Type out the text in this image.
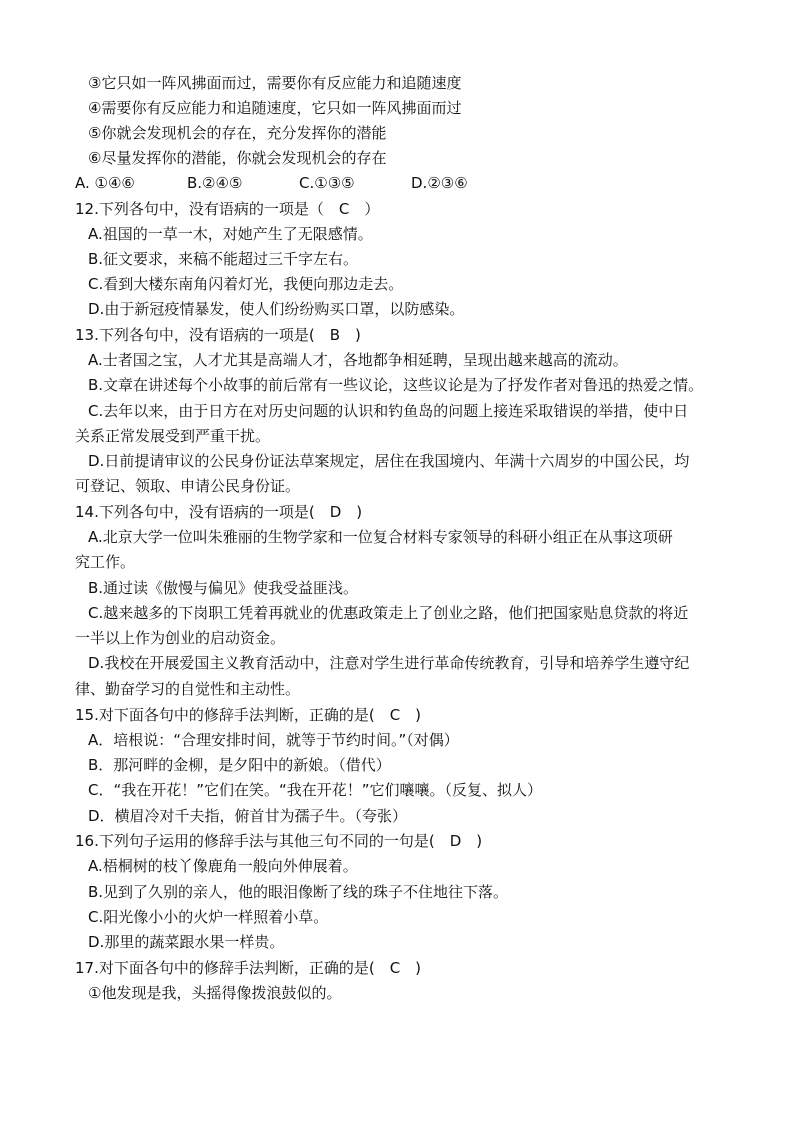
③它只如一阵风拂面而过，需要你有反应能力和追随速度
④需要你有反应能力和追随速度，它只如一阵风拂面而过
⑤你就会发现机会的存在，充分发挥你的潜能
⑥尽量发挥你的潜能，你就会发现机会的存在
A. ①④⑥	B.②④⑤	C.①③⑤	D.②③⑥
12.下列各句中，没有语病的一项是（　C　）
A.祖国的一草一木，对她产生了无限感情。
B.征文要求，来稿不能超过三千字左右。
C.看到大楼东南角闪着灯光，我便向那边走去。
D.由于新冠疫情暴发，使人们纷纷购买口罩，以防感染。
13.下列各句中，没有语病的一项是(　B　)
A.士者国之宝，人才尤其是高端人才，各地都争相延聘，呈现出越来越高的流动。
B.文章在讲述每个小故事的前后常有一些议论，这些议论是为了抒发作者对鲁迅的热爱之情。
C.去年以来，由于日方在对历史问题的认识和钓鱼岛的问题上接连采取错误的举措，使中日
关系正常发展受到严重干扰。
D.日前提请审议的公民身份证法草案规定，居住在我国境内、年满十六周岁的中国公民，均
可登记、领取、申请公民身份证。
14.下列各句中，没有语病的一项是(　D　)
A.北京大学一位叫朱雅丽的生物学家和一位复合材料专家领导的科研小组正在从事这项研
究工作。
B.通过读《傲慢与偏见》使我受益匪浅。
C.越来越多的下岗职工凭着再就业的优惠政策走上了创业之路，他们把国家贴息贷款的将近
一半以上作为创业的启动资金。
D.我校在开展爱国主义教育活动中，注意对学生进行革命传统教育，引导和培养学生遵守纪
律、勤奋学习的自觉性和主动性。
15.对下面各句中的修辞手法判断，正确的是(　C　)
A．培根说：“合理安排时间，就等于节约时间。”（对偶）
B．那河畔的金柳，是夕阳中的新娘。（借代）
C．“我在开花！”它们在笑。“我在开花！”它们嚷嚷。（反复、拟人）
D．横眉冷对千夫指，俯首甘为孺子牛。（夸张）
16.下列句子运用的修辞手法与其他三句不同的一句是(　D　)
A.梧桐树的枝丫像鹿角一般向外伸展着。
B.见到了久别的亲人，他的眼泪像断了线的珠子不住地往下落。
C.阳光像小小的火炉一样照着小草。
D.那里的蔬菜跟水果一样贵。
17.对下面各句中的修辞手法判断，正确的是(　C　)
①他发现是我，头摇得像拨浪鼓似的。
